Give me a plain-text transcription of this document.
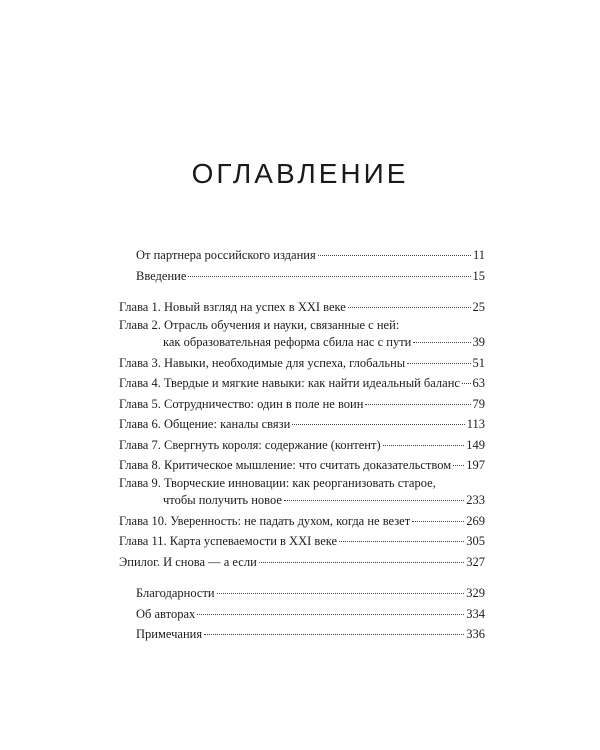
ОГЛАВЛЕНИЕ
От партнера российского издания	11
Введение	15
Глава 1. Новый взгляд на успех в XXI веке	25
Глава 2. Отрасль обучения и науки, связанные с ней:
как образовательная реформа сбила нас с пути	39
Глава 3. Навыки, необходимые для успеха, глобальны	51
Глава 4. Твердые и мягкие навыки: как найти идеальный баланс 63
Глава 5. Сотрудничество: один в поле не воин	79
Глава 6. Общение: каналы связи	113
Глава 7. Свергнуть короля: содержание (контент)	149
Глава 8. Критическое мышление: что считать доказательством 197
Глава 9. Творческие инновации: как реорганизовать старое,
чтобы получить новое	233
Глава 10. Уверенность: не падать духом, когда не везет	269
Глава 11. Карта успеваемости в XXI веке	305
Эпилог. И снова — а если	327
Благодарности	329
Об авторах	334
Примечания	336
